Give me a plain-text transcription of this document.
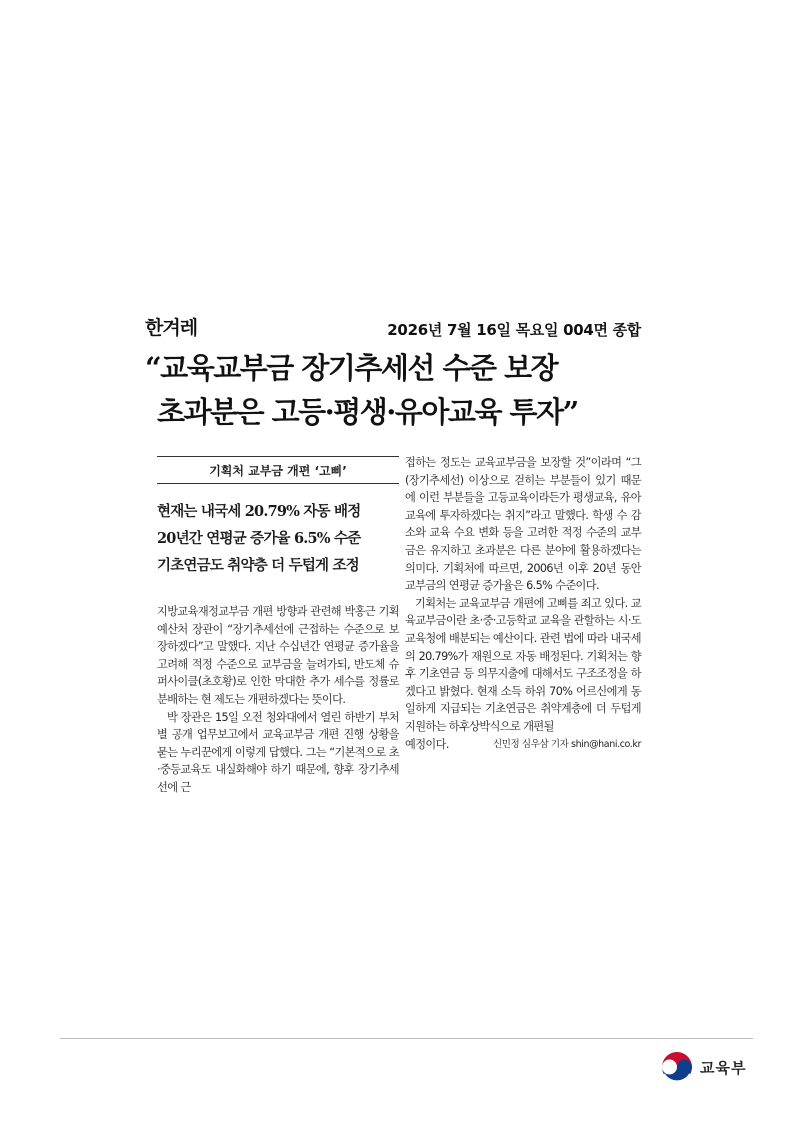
한겨레	2026년 7월 16일 목요일 004면 종합
“교육교부금 장기추세선 수준 보장
초과분은 고등·평생·유아교육 투자”
기획처 교부금 개편 ‘고삐’
현재는 내국세 20.79% 자동 배정
20년간 연평균 증가율 6.5% 수준
기초연금도 취약층 더 두텁게 조정

지방교육재정교부금 개편 방향과 관련해 박홍근 기획예산처 장관이 “장기추세선에 근접하는 수준으로 보장하겠다”고 말했다. 지난 수십년간 연평균 증가율을 고려해 적정 수준으로 교부금을 늘려가되, 반도체 슈퍼사이클(초호황)로 인한 막대한 추가 세수를 정률로 분배하는 현 제도는 개편하겠다는 뜻이다.

박 장관은 15일 오전 청와대에서 열린 하반기 부처별 공개 업무보고에서 교육교부금 개편 진행 상황을 묻는 누리꾼에게 이렇게 답했다. 그는 “기본적으로 초·중등교육도 내실화해야 하기 때문에, 향후 장기추세선에 근

접하는 정도는 교육교부금을 보장할 것”이라며 “그 (장기추세선) 이상으로 걷히는 부분들이 있기 때문에 이런 부분들을 고등교육이라든가 평생교육, 유아교육에 투자하겠다는 취지”라고 말했다. 학생 수 감소와 교육 수요 변화 등을 고려한 적정 수준의 교부금은 유지하고 초과분은 다른 분야에 활용하겠다는 의미다. 기획처에 따르면, 2006년 이후 20년 동안 교부금의 연평균 증가율은 6.5% 수준이다.

기획처는 교육교부금 개편에 고삐를 죄고 있다. 교육교부금이란 초·중·고등학교 교육을 관할하는 시·도 교육청에 배분되는 예산이다. 관련 법에 따라 내국세의 20.79%가 재원으로 자동 배정된다. 기획처는 향후 기초연금 등 의무지출에 대해서도 구조조정을 하겠다고 밝혔다. 현재 소득 하위 70% 어르신에게 동일하게 지급되는 기초연금은 취약계층에 더 두텁게 지원하는 하후상박식으로 개편될

예정이다.	신민정 심우삼 기자 shin@hani.co.kr
교육부
